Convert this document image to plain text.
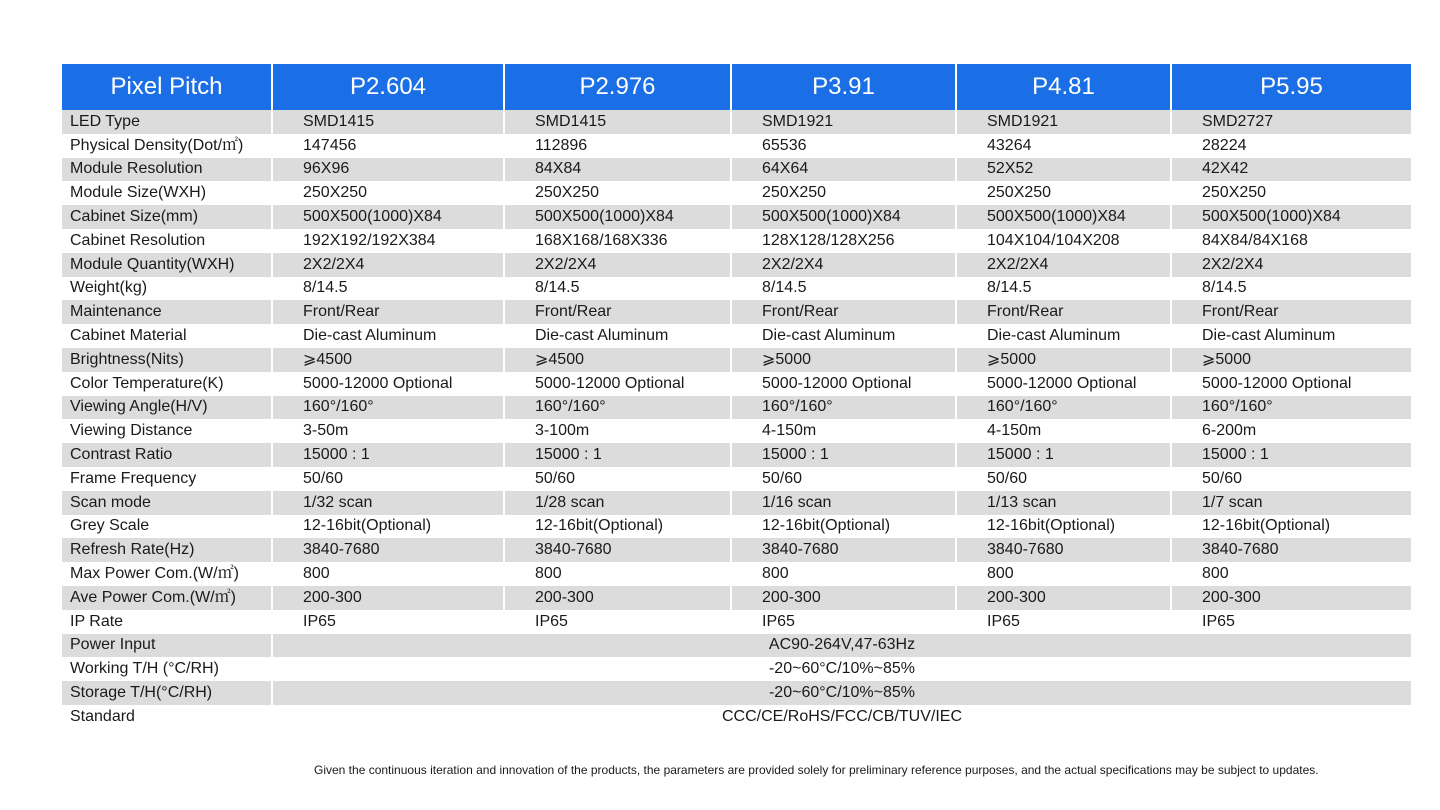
Pixel Pitch	P2.604	P2.976	P3.91	P4.81	P5.95
LED Type	SMD1415	SMD1415	SMD1921	SMD1921	SMD2727
Physical Density(Dot/㎡)	147456	112896	65536	43264	28224
Module Resolution	96X96	84X84	64X64	52X52	42X42
Module Size(WXH)	250X250	250X250	250X250	250X250	250X250
Cabinet Size(mm)	500X500(1000)X84	500X500(1000)X84	500X500(1000)X84	500X500(1000)X84	500X500(1000)X84
Cabinet Resolution	192X192/192X384	168X168/168X336	128X128/128X256	104X104/104X208	84X84/84X168
Module Quantity(WXH)	2X2/2X4	2X2/2X4	2X2/2X4	2X2/2X4	2X2/2X4
Weight(kg)	8/14.5	8/14.5	8/14.5	8/14.5	8/14.5
Maintenance	Front/Rear	Front/Rear	Front/Rear	Front/Rear	Front/Rear
Cabinet Material	Die-cast Aluminum	Die-cast Aluminum	Die-cast Aluminum	Die-cast Aluminum	Die-cast Aluminum
Brightness(Nits)	⩾4500	⩾4500	⩾5000	⩾5000	⩾5000
Color Temperature(K)	5000-12000 Optional	5000-12000 Optional	5000-12000 Optional	5000-12000 Optional	5000-12000 Optional
Viewing Angle(H/V)	160°/160°	160°/160°	160°/160°	160°/160°	160°/160°
Viewing Distance	3-50m	3-100m	4-150m	4-150m	6-200m
Contrast Ratio	15000 : 1	15000 : 1	15000 : 1	15000 : 1	15000 : 1
Frame Frequency	50/60	50/60	50/60	50/60	50/60
Scan mode	1/32 scan	1/28 scan	1/16 scan	1/13 scan	1/7 scan
Grey Scale	12-16bit(Optional)	12-16bit(Optional)	12-16bit(Optional)	12-16bit(Optional)	12-16bit(Optional)
Refresh Rate(Hz)	3840-7680	3840-7680	3840-7680	3840-7680	3840-7680
Max Power Com.(W/㎡)	800	800	800	800	800
Ave Power Com.(W/㎡)	200-300	200-300	200-300	200-300	200-300
IP Rate	IP65	IP65	IP65	IP65	IP65
Power Input	AC90-264V,47-63Hz				
Working T/H (°C/RH)	-20~60°C/10%~85%				
Storage T/H(°C/RH)	-20~60°C/10%~85%				
Standard	CCC/CE/RoHS/FCC/CB/TUV/IEC				
Given the continuous iteration and innovation of the products, the parameters are provided solely for preliminary reference purposes, and the actual specifications may be subject to updates.
